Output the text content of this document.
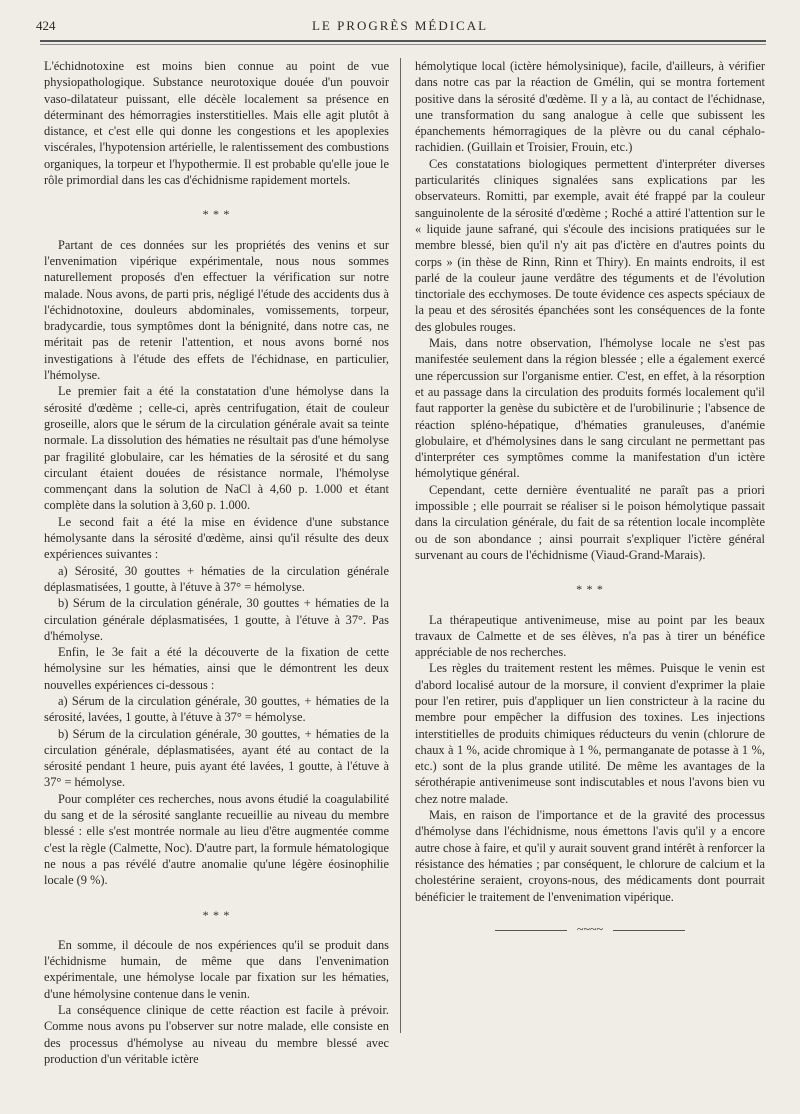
424	LE PROGRÈS MÉDICAL

L'échidnotoxine est moins bien connue au point de vue physiopathologique. Substance neurotoxique douée d'un pouvoir vaso-dilatateur puissant, elle décèle localement sa présence en déterminant des hémorragies insterstitielles. Mais elle agit plutôt à distance, et c'est elle qui donne les congestions et les apoplexies viscérales, l'hypotension artérielle, le ralentissement des combustions organiques, la torpeur et l'hypothermie. Il est probable qu'elle joue le rôle primordial dans les cas d'échidnisme rapidement mortels.

* * *

Partant de ces données sur les propriétés des venins et sur l'envenimation vipérique expérimentale, nous nous sommes naturellement proposés d'en effectuer la vérification sur notre malade. Nous avons, de parti pris, négligé l'étude des accidents dus à l'échidnotoxine, douleurs abdominales, vomissements, torpeur, bradycardie, tous symptômes dont la bénignité, dans notre cas, ne méritait pas de retenir l'attention, et nous avons borné nos investigations à l'étude des effets de l'échidnase, en particulier, l'hémolyse.

Le premier fait a été la constatation d'une hémolyse dans la sérosité d'œdème ; celle-ci, après centrifugation, était de couleur groseille, alors que le sérum de la circulation générale avait sa teinte normale. La dissolution des hématies ne résultait pas d'une hémolyse par fragilité globulaire, car les hématies de la sérosité et du sang circulant étaient douées de résistance normale, l'hémolyse commençant dans la solution de NaCl à 4,60 p. 1.000 et étant complète dans la solution à 3,60 p. 1.000.

Le second fait a été la mise en évidence d'une substance hémolysante dans la sérosité d'œdème, ainsi qu'il résulte des deux expériences suivantes :

a) Sérosité, 30 gouttes + hématies de la circulation générale déplasmatisées, 1 goutte, à l'étuve à 37° = hémolyse.

b) Sérum de la circulation générale, 30 gouttes + hématies de la circulation générale déplasmatisées, 1 goutte, à l'étuve à 37°. Pas d'hémolyse.

Enfin, le 3e fait a été la découverte de la fixation de cette hémolysine sur les hématies, ainsi que le démontrent les deux nouvelles expériences ci-dessous :

a) Sérum de la circulation générale, 30 gouttes, + hématies de la sérosité, lavées, 1 goutte, à l'étuve à 37° = hémolyse.

b) Sérum de la circulation générale, 30 gouttes, + hématies de la circulation générale, déplasmatisées, ayant été au contact de la sérosité pendant 1 heure, puis ayant été lavées, 1 goutte, à l'étuve à 37° = hémolyse.

Pour compléter ces recherches, nous avons étudié la coagulabilité du sang et de la sérosité sanglante recueillie au niveau du membre blessé : elle s'est montrée normale au lieu d'être augmentée comme c'est la règle (Calmette, Noc). D'autre part, la formule hématologique ne nous a pas révélé d'autre anomalie qu'une légère éosinophilie locale (9 %).

* * *

En somme, il découle de nos expériences qu'il se produit dans l'échidnisme humain, de même que dans l'envenimation expérimentale, une hémolyse locale par fixation sur les hématies, d'une hémolysine contenue dans le venin.

La conséquence clinique de cette réaction est facile à prévoir. Comme nous avons pu l'observer sur notre malade, elle consiste en des processus d'hémolyse au niveau du membre blessé avec production d'un véritable ictère

hémolytique local (ictère hémolysinique), facile, d'ailleurs, à vérifier dans notre cas par la réaction de Gmélin, qui se montra fortement positive dans la sérosité d'œdème. Il y a là, au contact de l'échidnase, une transformation du sang analogue à celle que subissent les épanchements hémorragiques de la plèvre ou du canal céphalo-rachidien. (Guillain et Troisier, Frouin, etc.)

Ces constatations biologiques permettent d'interpréter diverses particularités cliniques signalées sans explications par les observateurs. Romitti, par exemple, avait été frappé par la couleur sanguinolente de la sérosité d'œdème ; Roché a attiré l'attention sur le « liquide jaune safrané, qui s'écoule des incisions pratiquées sur le membre blessé, bien qu'il n'y ait pas d'ictère en d'autres points du corps » (in thèse de Rinn, Rinn et Thiry). En maints endroits, il est parlé de la couleur jaune verdâtre des téguments et de l'évolution tinctoriale des ecchymoses. De toute évidence ces aspects spéciaux de la peau et des sérosités épanchées sont les conséquences de la fonte des globules rouges.

Mais, dans notre observation, l'hémolyse locale ne s'est pas manifestée seulement dans la région blessée ; elle a également exercé une répercussion sur l'organisme entier. C'est, en effet, à la résorption et au passage dans la circulation des produits formés localement qu'il faut rapporter la genèse du subictère et de l'urobilinurie ; l'absence de réaction spléno-hépatique, d'hématies granuleuses, d'anémie globulaire, et d'hémolysines dans le sang circulant ne permettant pas d'interpréter ces symptômes comme la manifestation d'un ictère hémolytique général.

Cependant, cette dernière éventualité ne paraît pas a priori impossible ; elle pourrait se réaliser si le poison hémolytique passait dans la circulation générale, du fait de sa rétention locale incomplète ou de son abondance ; ainsi pourrait s'expliquer l'ictère général survenant au cours de l'échidnisme (Viaud-Grand-Marais).

* * *

La thérapeutique antivenimeuse, mise au point par les beaux travaux de Calmette et de ses élèves, n'a pas à tirer un bénéfice appréciable de nos recherches.

Les règles du traitement restent les mêmes. Puisque le venin est d'abord localisé autour de la morsure, il convient d'exprimer la plaie pour l'en retirer, puis d'appliquer un lien constricteur à la racine du membre pour empêcher la diffusion des toxines. Les injections interstitielles de produits chimiques réducteurs du venin (chlorure de chaux à 1 %, acide chromique à 1 %, permanganate de potasse à 1 %, etc.) sont de la plus grande utilité. De même les avantages de la sérothérapie antivenimeuse sont indiscutables et nous l'avons bien vu chez notre malade.

Mais, en raison de l'importance et de la gravité des processus d'hémolyse dans l'échidnisme, nous émettons l'avis qu'il y a encore autre chose à faire, et qu'il y aurait souvent grand intérêt à renforcer la résistance des hématies ; par conséquent, le chlorure de calcium et la cholestérine seraient, croyons-nous, des médicaments dont pourrait bénéficier le traitement de l'envenimation vipérique.

~~~~
